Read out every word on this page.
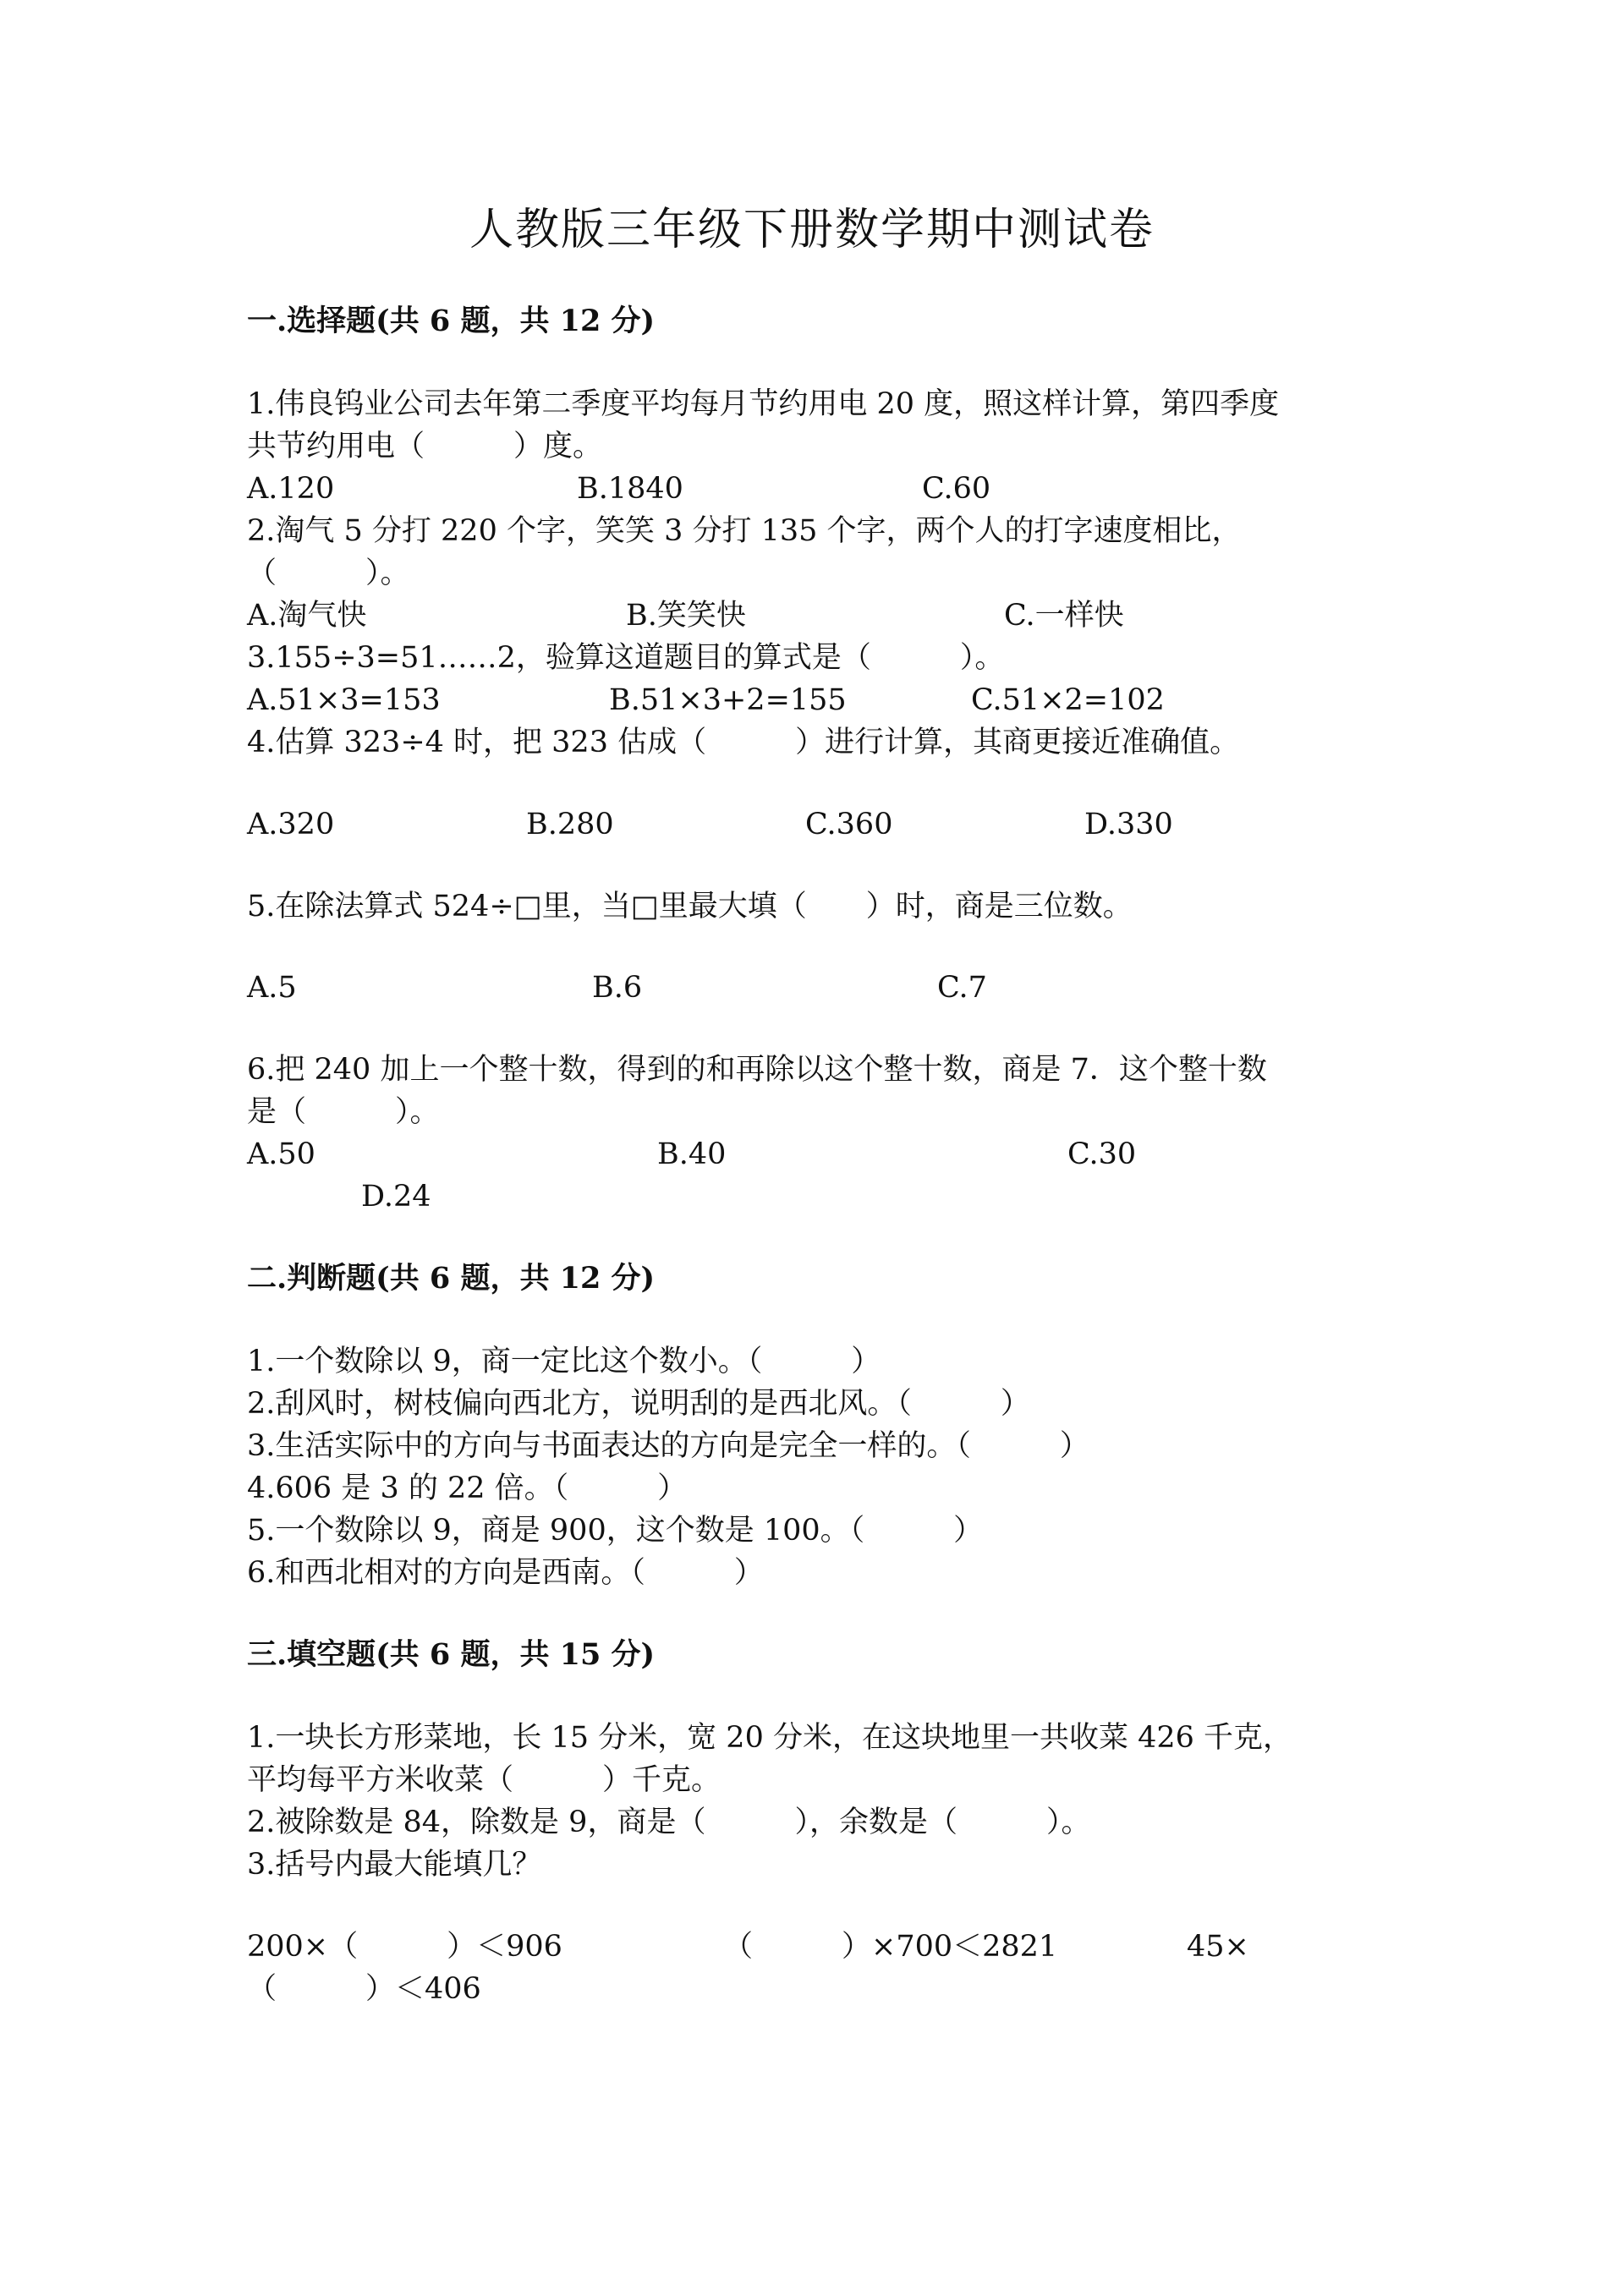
人教版三年级下册数学期中测试卷
一.选择题(共 6 题，共 12 分)
1.伟良钨业公司去年第二季度平均每月节约用电 20 度，照这样计算，第四季度
共节约用电（　　　）度。
A.120	B.1840	C.60
2.淘气 5 分打 220 个字，笑笑 3 分打 135 个字，两个人的打字速度相比，
（　　　）。
A.淘气快	B.笑笑快	C.一样快
3.155÷3=51……2，验算这道题目的算式是（　　　）。
A.51×3=153	B.51×3+2=155	C.51×2=102
4.估算 323÷4 时，把 323 估成（　　　）进行计算，其商更接近准确值。
A.320	B.280	C.360	D.330
5.在除法算式 524÷□里，当□里最大填（　　）时，商是三位数。
A.5	B.6	C.7
6.把 240 加上一个整十数，得到的和再除以这个整十数，商是 7．这个整十数
是（　　　）。
A.50	B.40	C.30
D.24
二.判断题(共 6 题，共 12 分)
1.一个数除以 9，商一定比这个数小。（　　　）
2.刮风时，树枝偏向西北方，说明刮的是西北风。（　　　）
3.生活实际中的方向与书面表达的方向是完全一样的。（　　　）
4.606 是 3 的 22 倍。（　　　）
5.一个数除以 9，商是 900，这个数是 100。（　　　）
6.和西北相对的方向是西南。（　　　）
三.填空题(共 6 题，共 15 分)
1.一块长方形菜地，长 15 分米，宽 20 分米，在这块地里一共收菜 426 千克，
平均每平方米收菜（　　　）千克。
2.被除数是 84，除数是 9，商是（　　　），余数是（　　　）。
3.括号内最大能填几？
200×（　　　）＜906	（　　　）×700＜2821	45×
（　　　）＜406
